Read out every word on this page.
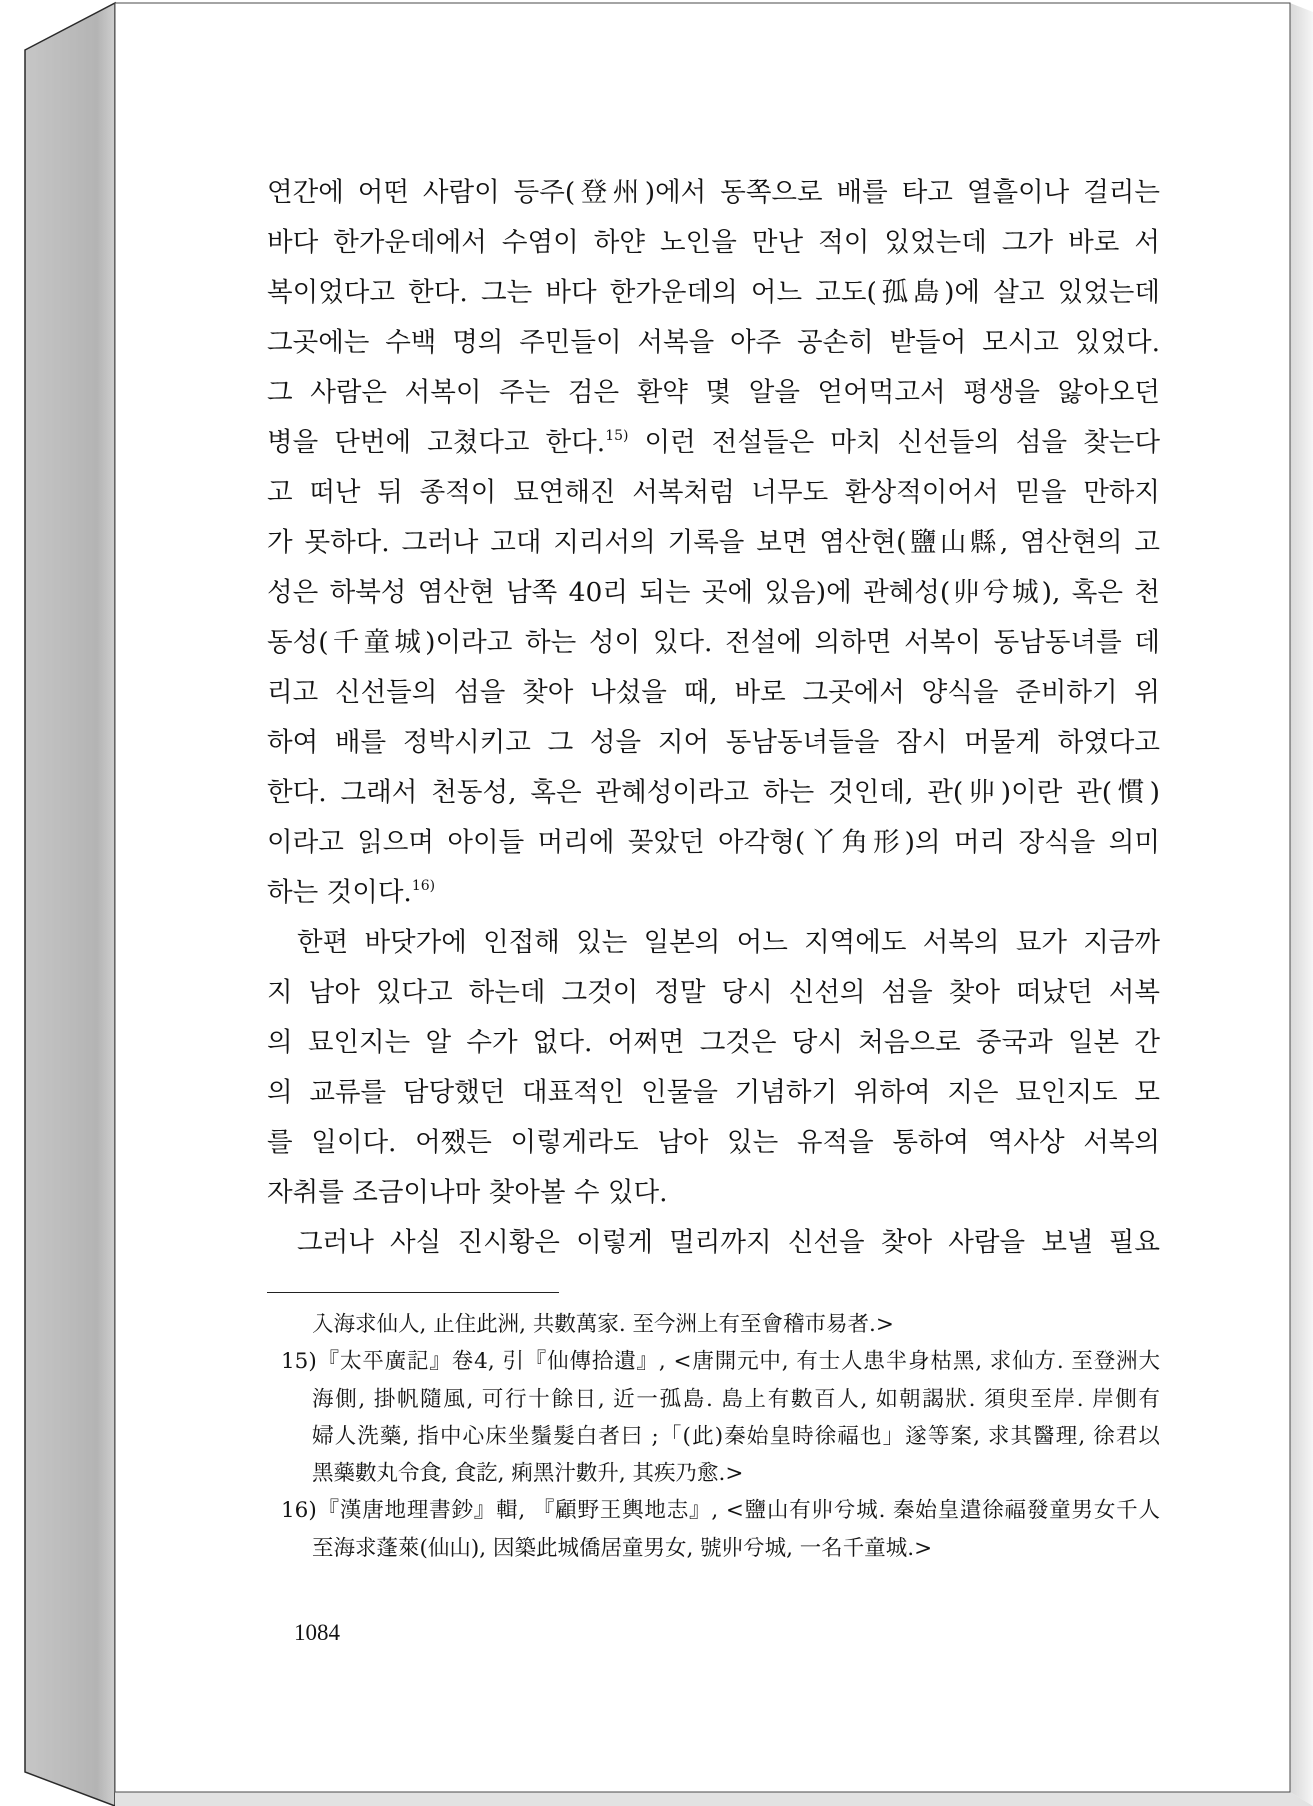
연간에 어떤 사람이 등주(登州)에서 동쪽으로 배를 타고 열흘이나 걸리는
바다 한가운데에서 수염이 하얀 노인을 만난 적이 있었는데 그가 바로 서
복이었다고 한다. 그는 바다 한가운데의 어느 고도(孤島)에 살고 있었는데
그곳에는 수백 명의 주민들이 서복을 아주 공손히 받들어 모시고 있었다.
그 사람은 서복이 주는 검은 환약 몇 알을 얻어먹고서 평생을 앓아오던
병을 단번에 고쳤다고 한다.$^{15)}$ 이런 전설들은 마치 신선들의 섬을 찾는다
고 떠난 뒤 종적이 묘연해진 서복처럼 너무도 환상적이어서 믿을 만하지
가 못하다. 그러나 고대 지리서의 기록을 보면 염산현(鹽山縣, 염산현의 고
성은 하북성 염산현 남쪽 40리 되는 곳에 있음)에 관혜성(丱兮城), 혹은 천
동성(千童城)이라고 하는 성이 있다. 전설에 의하면 서복이 동남동녀를 데
리고 신선들의 섬을 찾아 나섰을 때, 바로 그곳에서 양식을 준비하기 위
하여 배를 정박시키고 그 성을 지어 동남동녀들을 잠시 머물게 하였다고
한다. 그래서 천동성, 혹은 관혜성이라고 하는 것인데, 관(丱)이란 관(慣)
이라고 읽으며 아이들 머리에 꽂았던 아각형(丫角形)의 머리 장식을 의미
하는 것이다.$^{16)}$
한편 바닷가에 인접해 있는 일본의 어느 지역에도 서복의 묘가 지금까
지 남아 있다고 하는데 그것이 정말 당시 신선의 섬을 찾아 떠났던 서복
의 묘인지는 알 수가 없다. 어쩌면 그것은 당시 처음으로 중국과 일본 간
의 교류를 담당했던 대표적인 인물을 기념하기 위하여 지은 묘인지도 모
를 일이다. 어쨌든 이렇게라도 남아 있는 유적을 통하여 역사상 서복의
자취를 조금이나마 찾아볼 수 있다.
그러나 사실 진시황은 이렇게 멀리까지 신선을 찾아 사람을 보낼 필요
入海求仙人, 止住此洲, 共數萬家. 至今洲上有至會稽市易者.>
15)『太平廣記』卷4, 引『仙傳拾遺』, <唐開元中, 有士人患半身枯黑, 求仙方. 至登洲大
海側, 掛帆隨風, 可行十餘日, 近一孤島. 島上有數百人, 如朝謁狀. 須臾至岸. 岸側有
婦人洗藥, 指中心床坐鬚髮白者曰 ;「(此)秦始皇時徐福也」遂等案, 求其醫理, 徐君以
黑藥數丸令食, 食訖, 痢黑汁數升, 其疾乃愈.>
16)『漢唐地理書鈔』輯, 『顧野王輿地志』, <鹽山有丱兮城. 秦始皇遣徐福發童男女千人
至海求蓬萊(仙山), 因築此城僑居童男女, 號丱兮城, 一名千童城.>
1084
